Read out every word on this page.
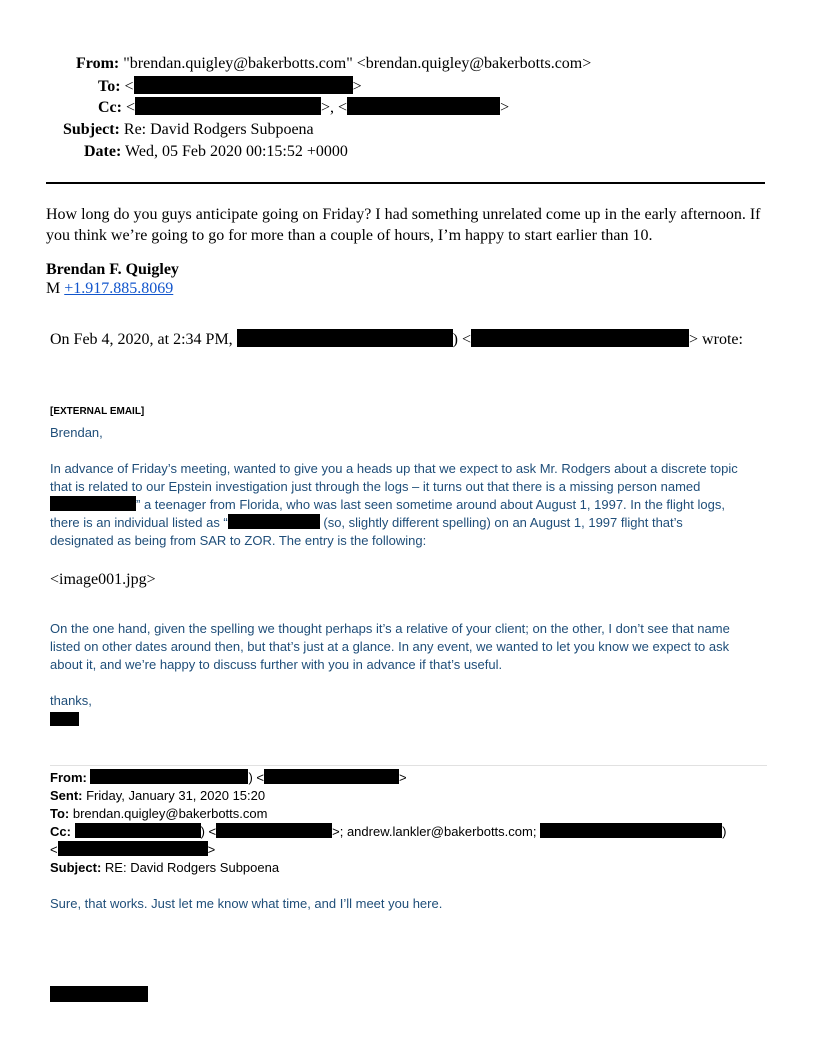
From: "brendan.quigley@bakerbotts.com" <brendan.quigley@bakerbotts.com>
To: <	>
Cc: <	>, <	>
Subject: Re: David Rodgers Subpoena
Date: Wed, 05 Feb 2020 00:15:52 +0000
How long do you guys anticipate going on Friday? I had something unrelated come up in the early afternoon. If
you think we’re going to go for more than a couple of hours, I’m happy to start earlier than 10.
Brendan F. Quigley
M +1.917.885.8069
On Feb 4, 2020, at 2:34 PM,	) <	> wrote:
[EXTERNAL EMAIL]
Brendan,
In advance of Friday’s meeting, wanted to give you a heads up that we expect to ask Mr. Rodgers about a discrete topic
that is related to our Epstein investigation just through the logs – it turns out that there is a missing person named
” a teenager from Florida, who was last seen sometime around about August 1, 1997. In the flight logs,
there is an individual listed as “	(so, slightly different spelling) on an August 1, 1997 flight that’s
designated as being from SAR to ZOR. The entry is the following:
<image001.jpg>
On the one hand, given the spelling we thought perhaps it’s a relative of your client; on the other, I don’t see that name
listed on other dates around then, but that’s just at a glance. In any event, we wanted to let you know we expect to ask
about it, and we’re happy to discuss further with you in advance if that’s useful.
thanks,
From:	) <	>
Sent: Friday, January 31, 2020 15:20
To: brendan.quigley@bakerbotts.com
Cc:	) <	>; andrew.lankler@bakerbotts.com;	)
<	>
Subject: RE: David Rodgers Subpoena
Sure, that works. Just let me know what time, and I’ll meet you here.
